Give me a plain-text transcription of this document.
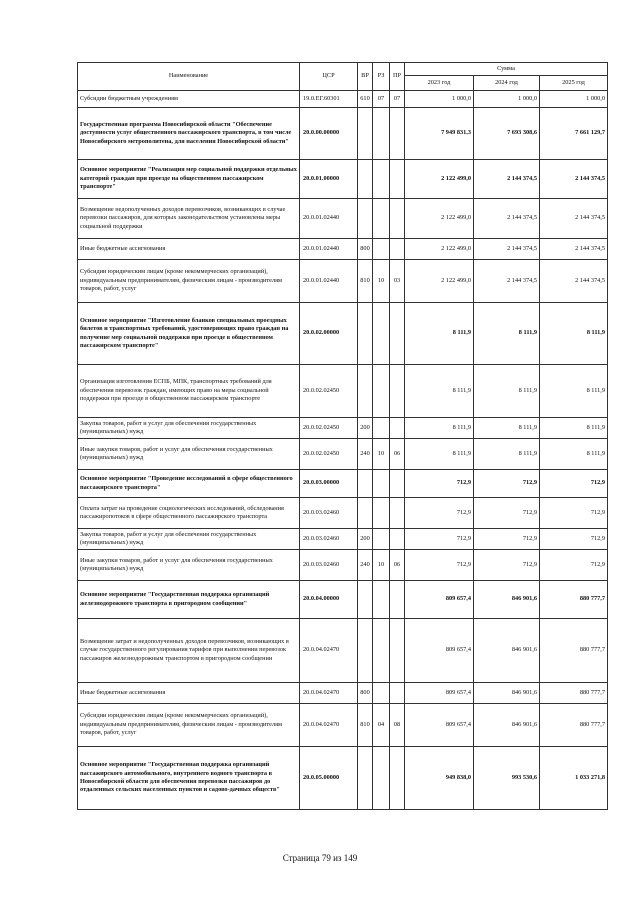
Наименование	ЦСР	ВР	РЗ	ПР	Сумма		
					2023 год	2024 год	2025 год
Субсидии бюджетным учреждениям	19.0.ЕГ.60301	610	07	07	1 000,0	1 000,0	1 000,0
Государственная программа Новосибирской области "Обеспечение доступности услуг общественного пассажирского транспорта, в том числе Новосибирского метрополитена, для населения Новосибирской области"	20.0.00.00000				7 949 831,3	7 693 308,6	7 661 129,7
Основное мероприятие "Реализация мер социальной поддержки отдельных категорий граждан при проезде на общественном пассажирском транспорте"	20.0.01.00000				2 122 499,0	2 144 374,5	2 144 374,5
Возмещение недополученных доходов перевозчиков, возникающих в случае перевозки пассажиров, для которых законодательством установлены меры социальной поддержки	20.0.01.02440				2 122 499,0	2 144 374,5	2 144 374,5
Иные бюджетные ассигнования	20.0.01.02440	800			2 122 499,0	2 144 374,5	2 144 374,5
Субсидии юридическим лицам (кроме некоммерческих организаций), индивидуальным предпринимателям, физическим лицам - производителям товаров, работ, услуг	20.0.01.02440	810	10	03	2 122 499,0	2 144 374,5	2 144 374,5
Основное мероприятие "Изготовление бланков специальных проездных билетов и транспортных требований, удостоверяющих право граждан на получение мер социальной поддержки при проезде в общественном пассажирском транспорте"	20.0.02.00000				8 111,9	8 111,9	8 111,9
Организация изготовления ЕСПБ, МПК, транспортных требований для обеспечения перевозок граждан, имеющих право на меры социальной поддержки при проезде в общественном пассажирском транспорте	20.0.02.02450				8 111,9	8 111,9	8 111,9
Закупка товаров, работ и услуг для обеспечения государственных (муниципальных) нужд	20.0.02.02450	200			8 111,9	8 111,9	8 111,9
Иные закупки товаров, работ и услуг для обеспечения государственных (муниципальных) нужд	20.0.02.02450	240	10	06	8 111,9	8 111,9	8 111,9
Основное мероприятие "Проведение исследований в сфере общественного пассажирского транспорта"	20.0.03.00000				712,9	712,9	712,9
Оплата затрат на проведение социологических исследований, обследования пассажиропотоков в сфере общественного пассажирского транспорта	20.0.03.02460				712,9	712,9	712,9
Закупка товаров, работ и услуг для обеспечения государственных (муниципальных) нужд	20.0.03.02460	200			712,9	712,9	712,9
Иные закупки товаров, работ и услуг для обеспечения государственных (муниципальных) нужд	20.0.03.02460	240	10	06	712,9	712,9	712,9
Основное мероприятие "Государственная поддержка организаций железнодорожного транспорта в пригородном сообщении"	20.0.04.00000				809 657,4	846 901,6	880 777,7
Возмещение затрат и недополученных доходов перевозчиков, возникающих в случае государственного регулирования тарифов при выполнении перевозок пассажиров железнодорожным транспортом в пригородном сообщении	20.0.04.02470				809 657,4	846 901,6	880 777,7
Иные бюджетные ассигнования	20.0.04.02470	800			809 657,4	846 901,6	880 777,7
Субсидии юридическим лицам (кроме некоммерческих организаций), индивидуальным предпринимателям, физическим лицам - производителям товаров, работ, услуг	20.0.04.02470	810	04	08	809 657,4	846 901,6	880 777,7
Основное мероприятие "Государственная поддержка организаций пассажирского автомобильного, внутреннего водного транспорта в Новосибирской области для обеспечения перевозки пассажиров до отдаленных сельских населенных пунктов и садово-дачных обществ"	20.0.05.00000				949 838,0	993 530,6	1 033 271,8
Страница 79 из 149
